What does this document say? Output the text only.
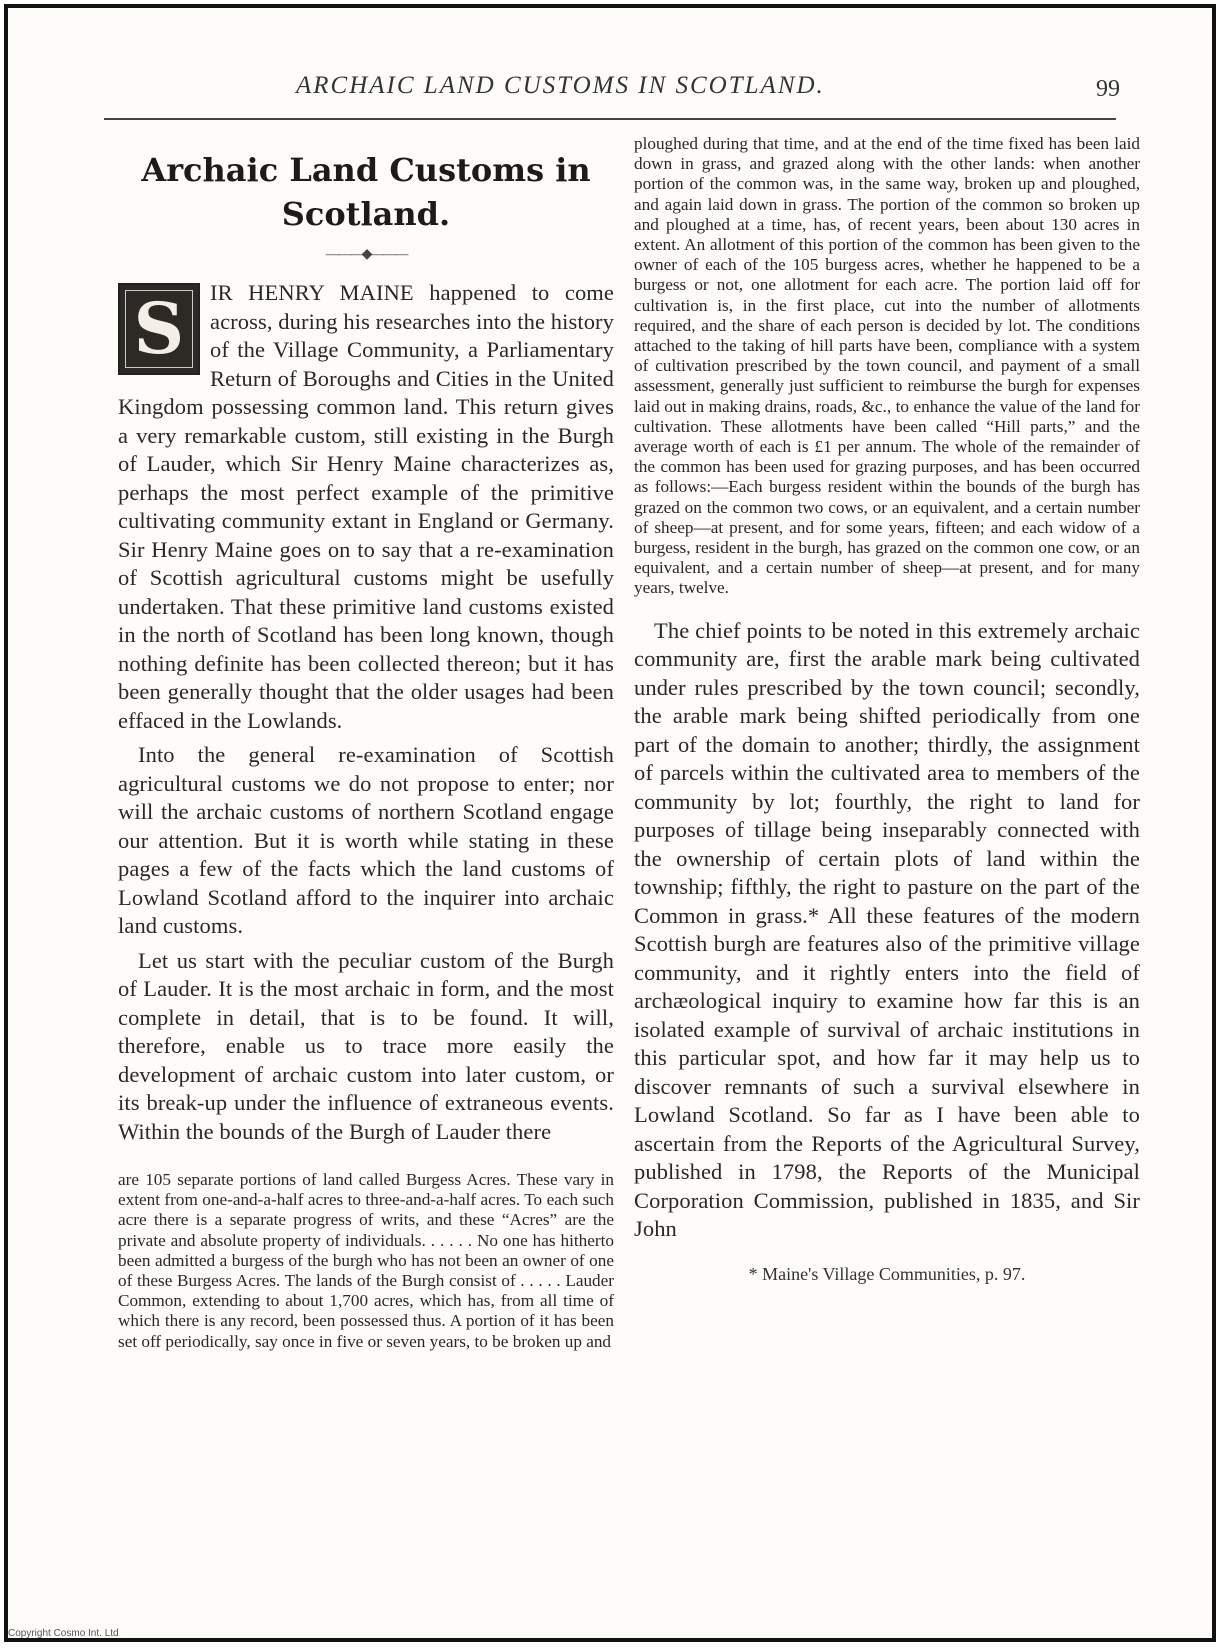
ARCHAIC LAND CUSTOMS IN SCOTLAND.	99
Archaic Land Customs in Scotland.
———◆———

S IR HENRY MAINE happened to come across, during his researches into the history of the Village Community, a Parliamentary Return of Boroughs and Cities in the United Kingdom possessing common land. This return gives a very remarkable custom, still existing in the Burgh of Lauder, which Sir Henry Maine characterizes as, perhaps the most perfect example of the primitive cultivating community extant in England or Germany. Sir Henry Maine goes on to say that a re-examination of Scottish agricultural customs might be usefully undertaken. That these primitive land customs existed in the north of Scotland has been long known, though nothing definite has been collected thereon; but it has been generally thought that the older usages had been effaced in the Lowlands.

Into the general re-examination of Scottish agricultural customs we do not propose to enter; nor will the archaic customs of northern Scotland engage our attention. But it is worth while stating in these pages a few of the facts which the land customs of Lowland Scotland afford to the inquirer into archaic land customs.

Let us start with the peculiar custom of the Burgh of Lauder. It is the most archaic in form, and the most complete in detail, that is to be found. It will, therefore, enable us to trace more easily the development of archaic custom into later custom, or its break-up under the influence of extraneous events. Within the bounds of the Burgh of Lauder there

are 105 separate portions of land called Burgess Acres. These vary in extent from one-and-a-half acres to three-and-a-half acres. To each such acre there is a separate progress of writs, and these “Acres” are the private and absolute property of individuals. . . . . . No one has hitherto been admitted a burgess of the burgh who has not been an owner of one of these Burgess Acres. The lands of the Burgh consist of . . . . . Lauder Common, extending to about 1,700 acres, which has, from all time of which there is any record, been possessed thus. A portion of it has been set off periodically, say once in five or seven years, to be broken up and

ploughed during that time, and at the end of the time fixed has been laid down in grass, and grazed along with the other lands: when another portion of the common was, in the same way, broken up and ploughed, and again laid down in grass. The portion of the common so broken up and ploughed at a time, has, of recent years, been about 130 acres in extent. An allotment of this portion of the common has been given to the owner of each of the 105 burgess acres, whether he happened to be a burgess or not, one allotment for each acre. The portion laid off for cultivation is, in the first place, cut into the number of allotments required, and the share of each person is decided by lot. The conditions attached to the taking of hill parts have been, compliance with a system of cultivation prescribed by the town council, and payment of a small assessment, generally just sufficient to reimburse the burgh for expenses laid out in making drains, roads, &c., to enhance the value of the land for cultivation. These allotments have been called “Hill parts,” and the average worth of each is £1 per annum. The whole of the remainder of the common has been used for grazing purposes, and has been occurred as follows:—Each burgess resident within the bounds of the burgh has grazed on the common two cows, or an equivalent, and a certain number of sheep—at present, and for some years, fifteen; and each widow of a burgess, resident in the burgh, has grazed on the common one cow, or an equivalent, and a certain number of sheep—at present, and for many years, twelve.

The chief points to be noted in this extremely archaic community are, first the arable mark being cultivated under rules prescribed by the town council; secondly, the arable mark being shifted periodically from one part of the domain to another; thirdly, the assignment of parcels within the cultivated area to members of the community by lot; fourthly, the right to land for purposes of tillage being inseparably connected with the ownership of certain plots of land within the township; fifthly, the right to pasture on the part of the Common in grass.* All these features of the modern Scottish burgh are features also of the primitive village community, and it rightly enters into the field of archæological inquiry to examine how far this is an isolated example of survival of archaic institutions in this particular spot, and how far it may help us to discover remnants of such a survival elsewhere in Lowland Scotland. So far as I have been able to ascertain from the Reports of the Agricultural Survey, published in 1798, the Reports of the Municipal Corporation Commission, published in 1835, and Sir John

* Maine's Village Communities, p. 97.
Copyright Cosmo Int. Ltd
